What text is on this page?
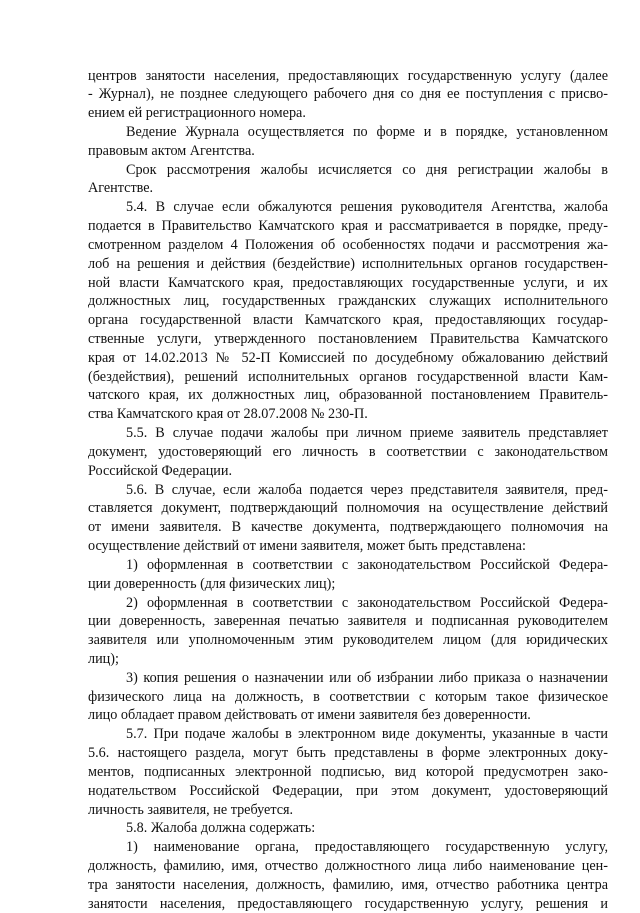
центров занятости населения, предоставляющих государственную услугу (далее

- Журнал), не позднее следующего рабочего дня со дня ее поступления с присво-

ением ей регистрационного номера.

Ведение Журнала осуществляется по форме и в порядке, установленном

правовым актом Агентства.

Срок рассмотрения жалобы исчисляется со дня регистрации жалобы в

Агентстве.

5.4. В случае если обжалуются решения руководителя Агентства, жалоба

подается в Правительство Камчатского края и рассматривается в порядке, преду-

смотренном разделом 4 Положения об особенностях подачи и рассмотрения жа-

лоб на решения и действия (бездействие) исполнительных органов государствен-

ной власти Камчатского края, предоставляющих государственные услуги, и их

должностных лиц, государственных гражданских служащих исполнительного

органа государственной власти Камчатского края, предоставляющих государ-

ственные услуги, утвержденного постановлением Правительства Камчатского

края от 14.02.2013 № 52-П Комиссией по досудебному обжалованию действий

(бездействия), решений исполнительных органов государственной власти Кам-

чатского края, их должностных лиц, образованной постановлением Правитель-

ства Камчатского края от 28.07.2008 № 230-П.

5.5. В случае подачи жалобы при личном приеме заявитель представляет

документ, удостоверяющий его личность в соответствии с законодательством

Российской Федерации.

5.6. В случае, если жалоба подается через представителя заявителя, пред-

ставляется документ, подтверждающий полномочия на осуществление действий

от имени заявителя. В качестве документа, подтверждающего полномочия на

осуществление действий от имени заявителя, может быть представлена:

1) оформленная в соответствии с законодательством Российской Федера-

ции доверенность (для физических лиц);

2) оформленная в соответствии с законодательством Российской Федера-

ции доверенность, заверенная печатью заявителя и подписанная руководителем

заявителя или уполномоченным этим руководителем лицом (для юридических

лиц);

3) копия решения о назначении или об избрании либо приказа о назначении

физического лица на должность, в соответствии с которым такое физическое

лицо обладает правом действовать от имени заявителя без доверенности.

5.7. При подаче жалобы в электронном виде документы, указанные в части

5.6. настоящего раздела, могут быть представлены в форме электронных доку-

ментов, подписанных электронной подписью, вид которой предусмотрен зако-

нодательством Российской Федерации, при этом документ, удостоверяющий

личность заявителя, не требуется.

5.8. Жалоба должна содержать:

1) наименование органа, предоставляющего государственную услугу,

должность, фамилию, имя, отчество должностного лица либо наименование цен-

тра занятости населения, должность, фамилию, имя, отчество работника центра

занятости населения, предоставляющего государственную услугу, решения и
